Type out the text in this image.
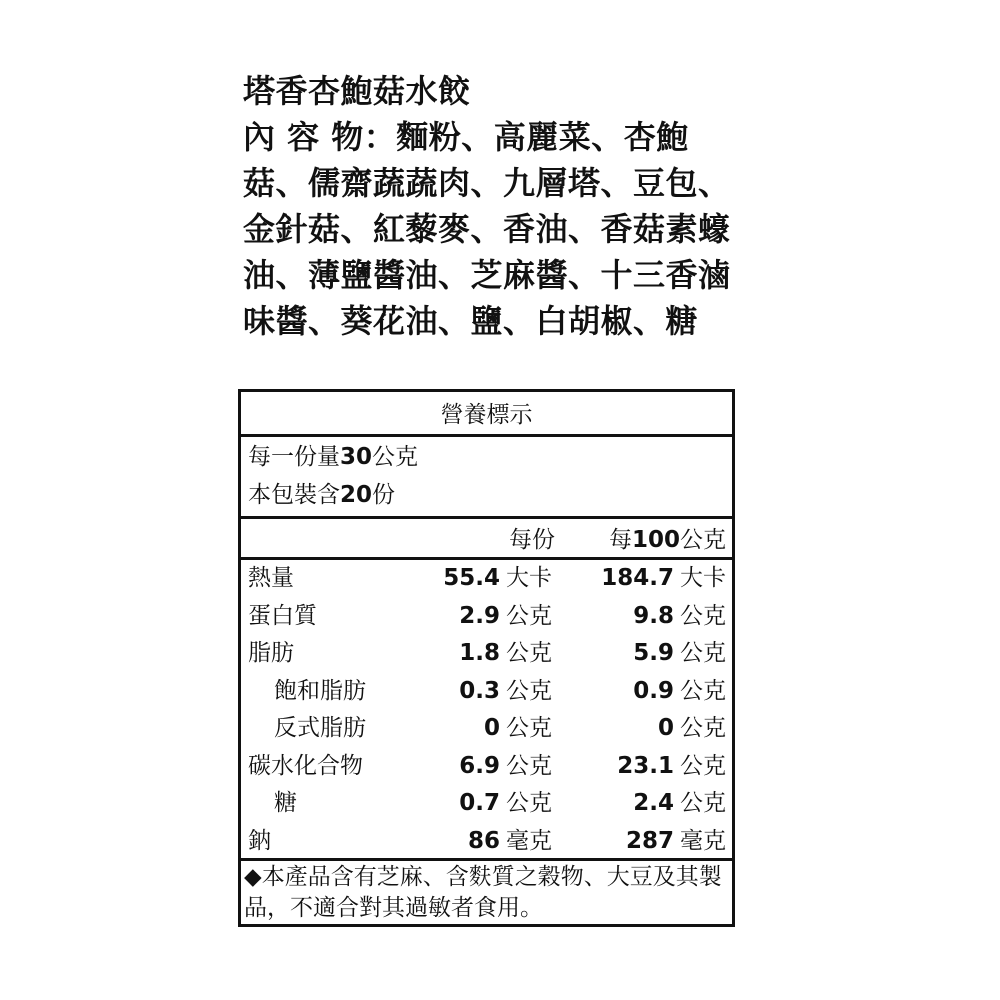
塔香杏鮑菇水餃
內 容 物：麵粉、高麗菜、杏鮑菇、儒齋蔬蔬肉、九層塔、豆包、金針菇、紅藜麥、香油、香菇素蠔油、薄鹽醬油、芝麻醬、十三香滷味醬、葵花油、鹽、白胡椒、糖
營養標示
每一份量30公克
本包裝含20份
每份 每100公克
熱量	55.4 大卡 184.7 大卡
蛋白質	2.9 公克	9.8 公克
脂肪	1.8 公克	5.9 公克
飽和脂肪	0.3 公克	0.9 公克
反式脂肪	0 公克	0 公克
碳水化合物	6.9 公克	23.1 公克
糖	0.7 公克	2.4 公克
鈉	86 毫克	287 毫克
◆本產品含有芝麻、含麩質之穀物、大豆及其製品，不適合對其過敏者食用。
